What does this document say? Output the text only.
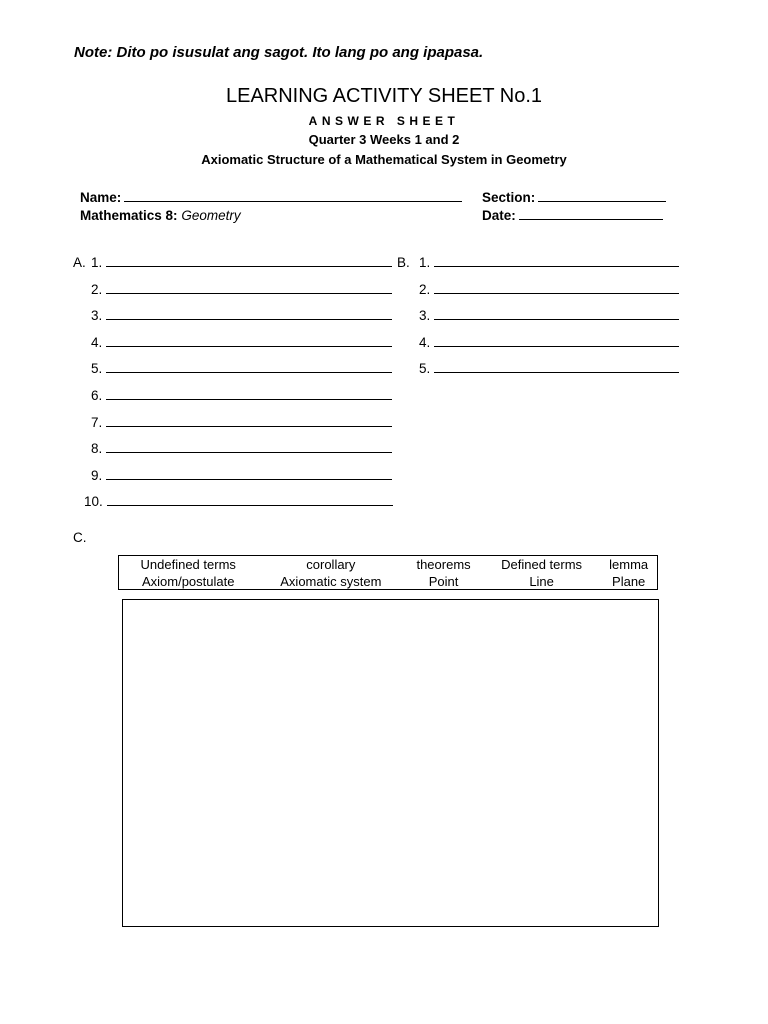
Note: Dito po isusulat ang sagot. Ito lang po ang ipapasa.
LEARNING ACTIVITY SHEET No.1
ANSWER SHEET
Quarter 3 Weeks 1 and 2
Axiomatic Structure of a Mathematical System in Geometry
Name:	Section:
Mathematics 8: Geometry	Date:
A. 1.
2.
3.
4.
5.
6.
7.
8.
9.
10.
B. 1.
2.
3.
4.
5.
C.
Undefined terms	corollary	theorems	Defined terms	lemma
Axiom/postulate	Axiomatic system	Point	Line	Plane
